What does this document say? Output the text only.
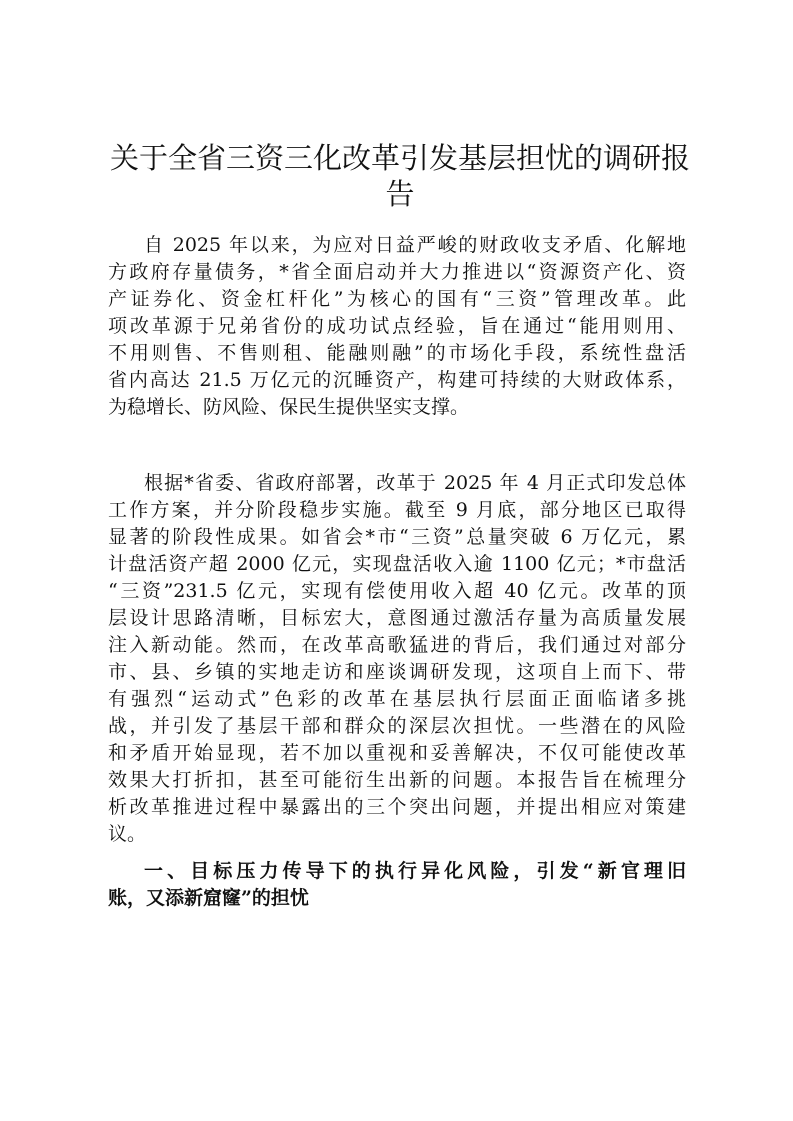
关于全省三资三化改革引发基层担忧的调研报
告
自 2025 年以来，为应对日益严峻的财政收支矛盾、化解地
方政府存量债务，*省全面启动并大力推进以“资源资产化、资
产证券化、资金杠杆化”为核心的国有“三资”管理改革。此
项改革源于兄弟省份的成功试点经验，旨在通过“能用则用、
不用则售、不售则租、能融则融”的市场化手段，系统性盘活
省内高达 21.5 万亿元的沉睡资产，构建可持续的大财政体系，
为稳增长、防风险、保民生提供坚实支撑。
根据*省委、省政府部署，改革于 2025 年 4 月正式印发总体
工作方案，并分阶段稳步实施。截至 9 月底，部分地区已取得
显著的阶段性成果。如省会*市“三资”总量突破 6 万亿元，累
计盘活资产超 2000 亿元，实现盘活收入逾 1100 亿元；*市盘活
“三资”231.5 亿元，实现有偿使用收入超 40 亿元。改革的顶
层设计思路清晰，目标宏大，意图通过激活存量为高质量发展
注入新动能。然而，在改革高歌猛进的背后，我们通过对部分
市、县、乡镇的实地走访和座谈调研发现，这项自上而下、带
有强烈“运动式”色彩的改革在基层执行层面正面临诸多挑
战，并引发了基层干部和群众的深层次担忧。一些潜在的风险
和矛盾开始显现，若不加以重视和妥善解决，不仅可能使改革
效果大打折扣，甚至可能衍生出新的问题。本报告旨在梳理分
析改革推进过程中暴露出的三个突出问题，并提出相应对策建
议。
一、目标压力传导下的执行异化风险，引发“新官理旧
账，又添新窟窿”的担忧
